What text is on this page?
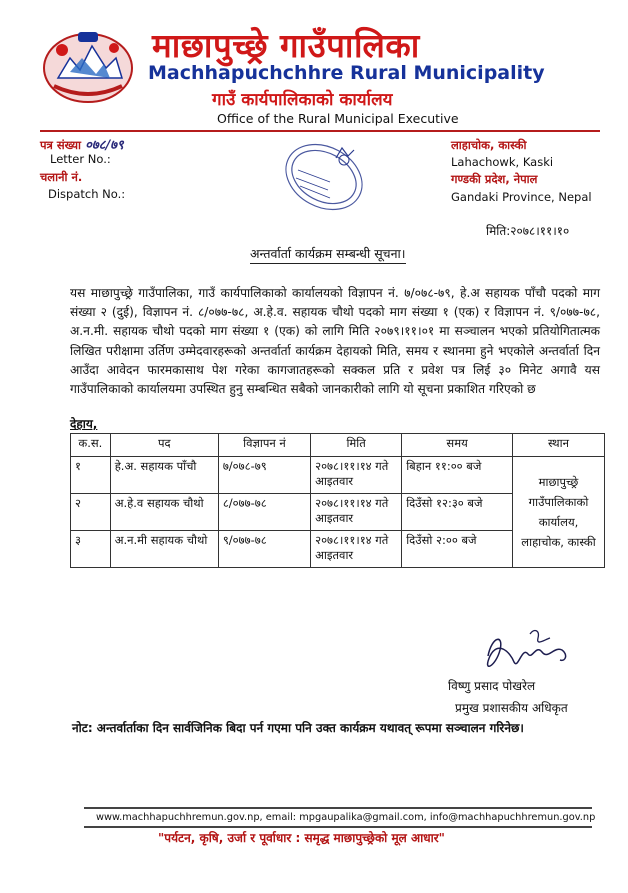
माछापुच्छ्रे गाउँपालिका
Machhapuchchhre Rural Municipality
गाउँ कार्यपालिकाको कार्यालय
Office of the Rural Municipal Executive
पत्र संख्या ०७८/७९
Letter No.:
चलानी नं.
Dispatch No.:
लाहाचोक, कास्की
Lahachowk, Kaski
गण्डकी प्रदेश, नेपाल
Gandaki Province, Nepal
मिति:२०७८।११।१०
अन्तर्वार्ता कार्यक्रम सम्बन्धी सूचना।
यस माछापुच्छ्रे गाउँपालिका, गाउँ कार्यपालिकाको कार्यालयको विज्ञापन नं. ७/०७८-७९, हे.अ सहायक पाँचौ पदको माग संख्या २ (दुई), विज्ञापन नं. ८/०७७-७८, अ.हे.व. सहायक चौथो पदको माग संख्या १ (एक) र विज्ञापन नं. ९/०७७-७८, अ.न.मी. सहायक चौथो पदको माग संख्या १ (एक) को लागि मिति २०७९।११।०१ मा सञ्चालन भएको प्रतियोगितात्मक लिखित परीक्षामा उर्तिण उम्मेदवारहरूको अन्तर्वार्ता कार्यक्रम देहायको मिति, समय र स्थानमा हुने भएकोले अन्तर्वार्ता दिन आउँदा आवेदन फारमकासाथ पेश गरेका कागजातहरूको सक्कल प्रति र प्रवेश पत्र लिई ३० मिनेट अगावै यस गाउँपालिकाको कार्यालयमा उपस्थित हुनु सम्बन्धित सबैको जानकारीको लागि यो सूचना प्रकाशित गरिएको छ
देहाय,
क.स.	पद	विज्ञापन नं	मिति	समय	स्थान
१	हे.अ. सहायक पाँचौ	७/०७८-७९	२०७८।११।१४ गते आइतवार	बिहान ११:०० बजे	माछापुच्छ्रे गाउँपालिकाको कार्यालय, लाहाचोक, कास्की
२	अ.हे.व सहायक चौथो	८/०७७-७८	२०७८।११।१४ गते आइतवार	दिउँसो १२:३० बजे	
३	अ.न.मी सहायक चौथो	९/०७७-७८	२०७८।११।१४ गते आइतवार	दिउँसो २:०० बजे	
विष्णु प्रसाद पोखरेल
प्रमुख प्रशासकीय अधिकृत
नोट: अन्तर्वार्ताका दिन सार्वजिनिक बिदा पर्न गएमा पनि उक्त कार्यक्रम यथावत् रूपमा सञ्चालन गरिनेछ।
www.machhapuchhremun.gov.np, email: mpgaupalika@gmail.com, info@machhapuchhremun.gov.np
"पर्यटन, कृषि, उर्जा र पूर्वाधार : समृद्ध माछापुच्छ्रेको मूल आधार"
